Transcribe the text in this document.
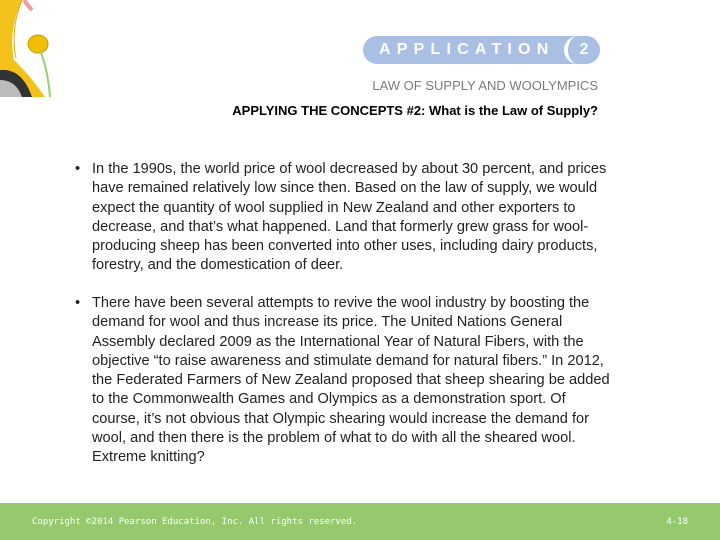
APPLICATION	2
LAW OF SUPPLY AND WOOLYMPICS
APPLYING THE CONCEPTS #2: What is the Law of Supply?
• In the 1990s, the world price of wool decreased by about 30 percent, and prices
have remained relatively low since then. Based on the law of supply, we would
expect the quantity of wool supplied in New Zealand and other exporters to
decrease, and that’s what happened. Land that formerly grew grass for wool-
producing sheep has been converted into other uses, including dairy products,
forestry, and the domestication of deer.
• There have been several attempts to revive the wool industry by boosting the
demand for wool and thus increase its price. The United Nations General
Assembly declared 2009 as the International Year of Natural Fibers, with the
objective “to raise awareness and stimulate demand for natural fibers.” In 2012,
the Federated Farmers of New Zealand proposed that sheep shearing be added
to the Commonwealth Games and Olympics as a demonstration sport. Of
course, it’s not obvious that Olympic shearing would increase the demand for
wool, and then there is the problem of what to do with all the sheared wool.
Extreme knitting?
Copyright ©2014 Pearson Education, Inc. All rights reserved.	4-18
